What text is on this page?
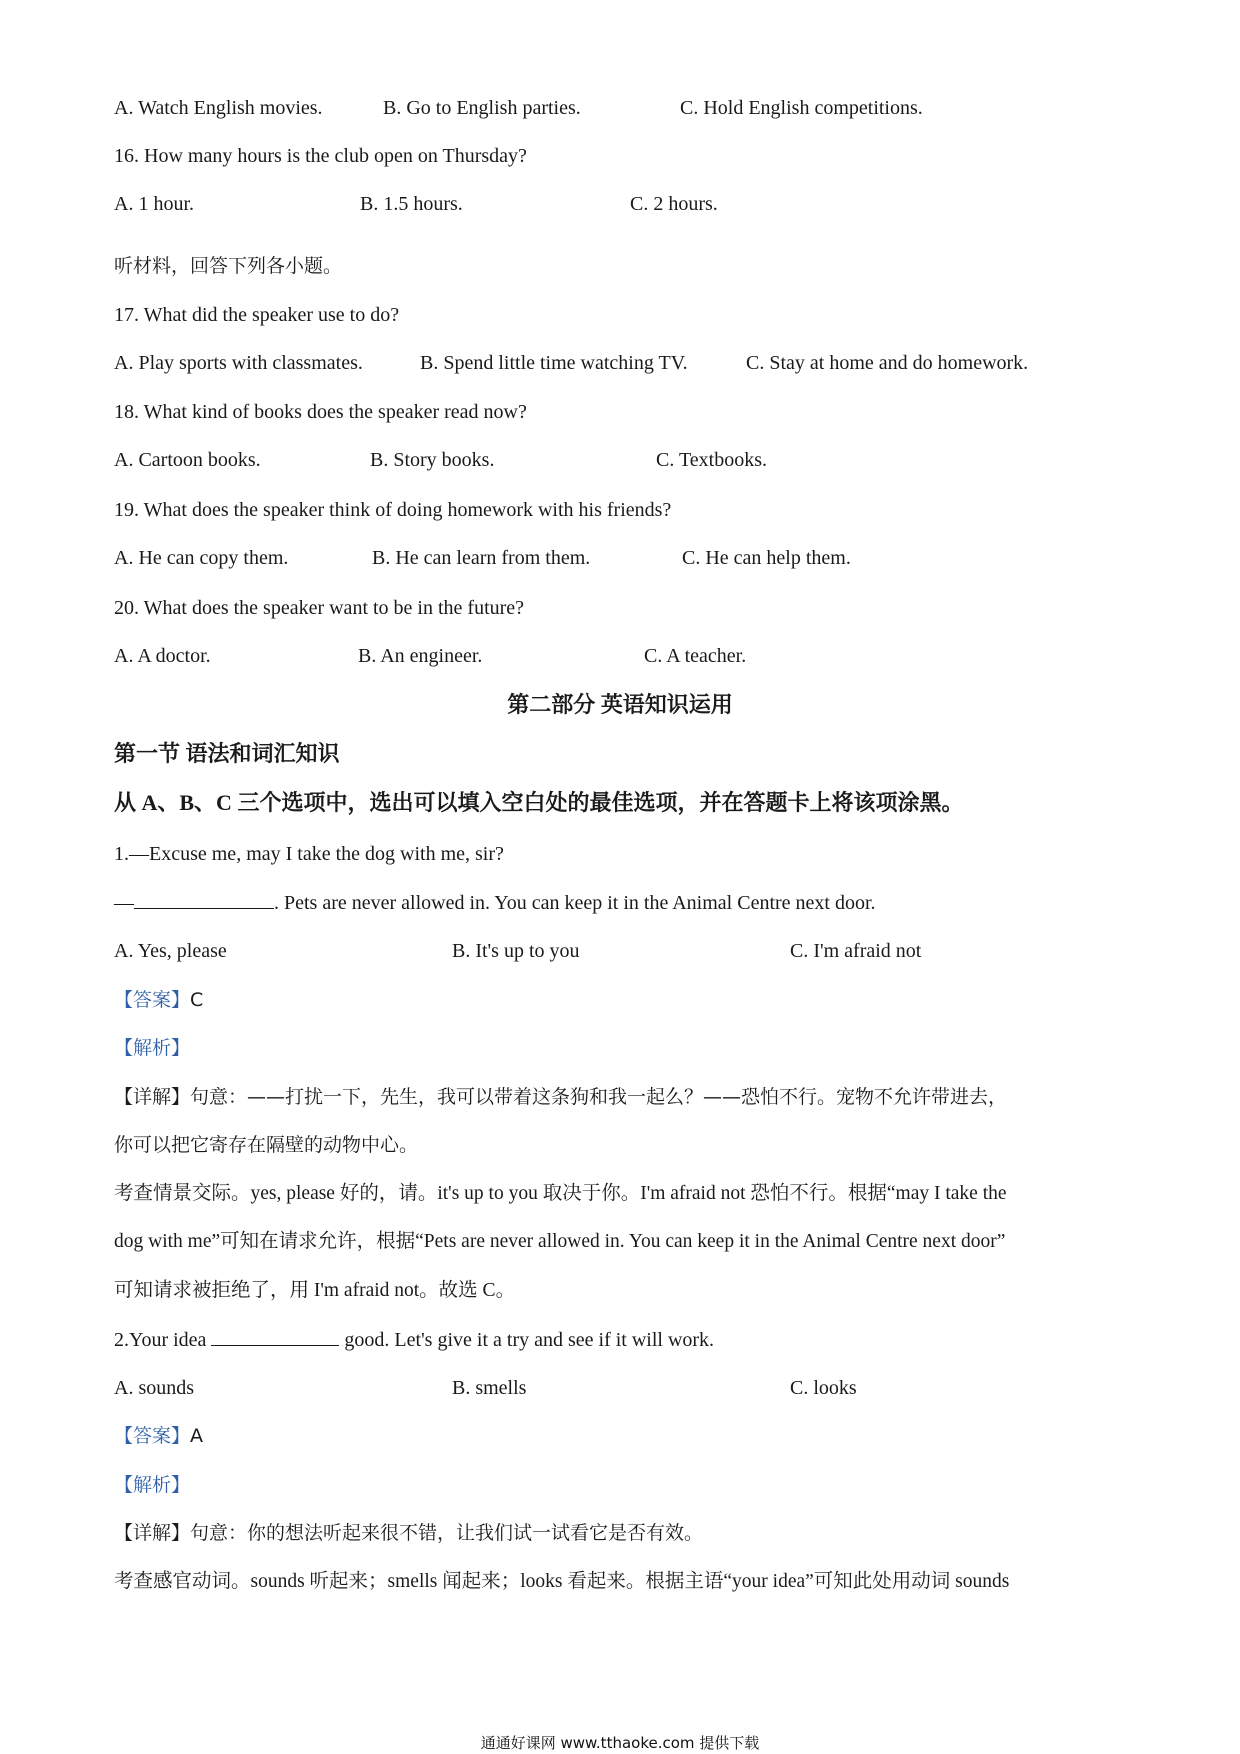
A. Watch English movies.	B. Go to English parties.	C. Hold English competitions.
16. How many hours is the club open on Thursday?
A. 1 hour.	B. 1.5 hours.	C. 2 hours.
听材料，回答下列各小题。
17. What did the speaker use to do?
A. Play sports with classmates.	B. Spend little time watching TV.	C. Stay at home and do homework.
18. What kind of books does the speaker read now?
A. Cartoon books.	B. Story books.	C. Textbooks.
19. What does the speaker think of doing homework with his friends?
A. He can copy them.	B. He can learn from them.	C. He can help them.
20. What does the speaker want to be in the future?
A. A doctor.	B. An engineer.	C. A teacher.
第二部分 英语知识运用
第一节 语法和词汇知识
从 A、B、C 三个选项中，选出可以填入空白处的最佳选项，并在答题卡上将该项涂黑。
1.—Excuse me, may I take the dog with me, sir?
—	. Pets are never allowed in. You can keep it in the Animal Centre next door.
A. Yes, please	B. It's up to you	C. I'm afraid not
【答案】C
【解析】
【详解】句意：——打扰一下，先生，我可以带着这条狗和我一起么？——恐怕不行。宠物不允许带进去，
你可以把它寄存在隔壁的动物中心。
考查情景交际。yes, please 好的，请。it's up to you 取决于你。I'm afraid not 恐怕不行。根据“may I take the
dog with me”可知在请求允许，根据“Pets are never allowed in. You can keep it in the Animal Centre next door”
可知请求被拒绝了，用 I'm afraid not。故选 C。
2.Your idea	good. Let's give it a try and see if it will work.
A. sounds	B. smells	C. looks
【答案】A
【解析】
【详解】句意：你的想法听起来很不错，让我们试一试看它是否有效。
考查感官动词。sounds 听起来；smells 闻起来；looks 看起来。根据主语“your idea”可知此处用动词 sounds
通通好课网 www.tthaoke.com 提供下载
